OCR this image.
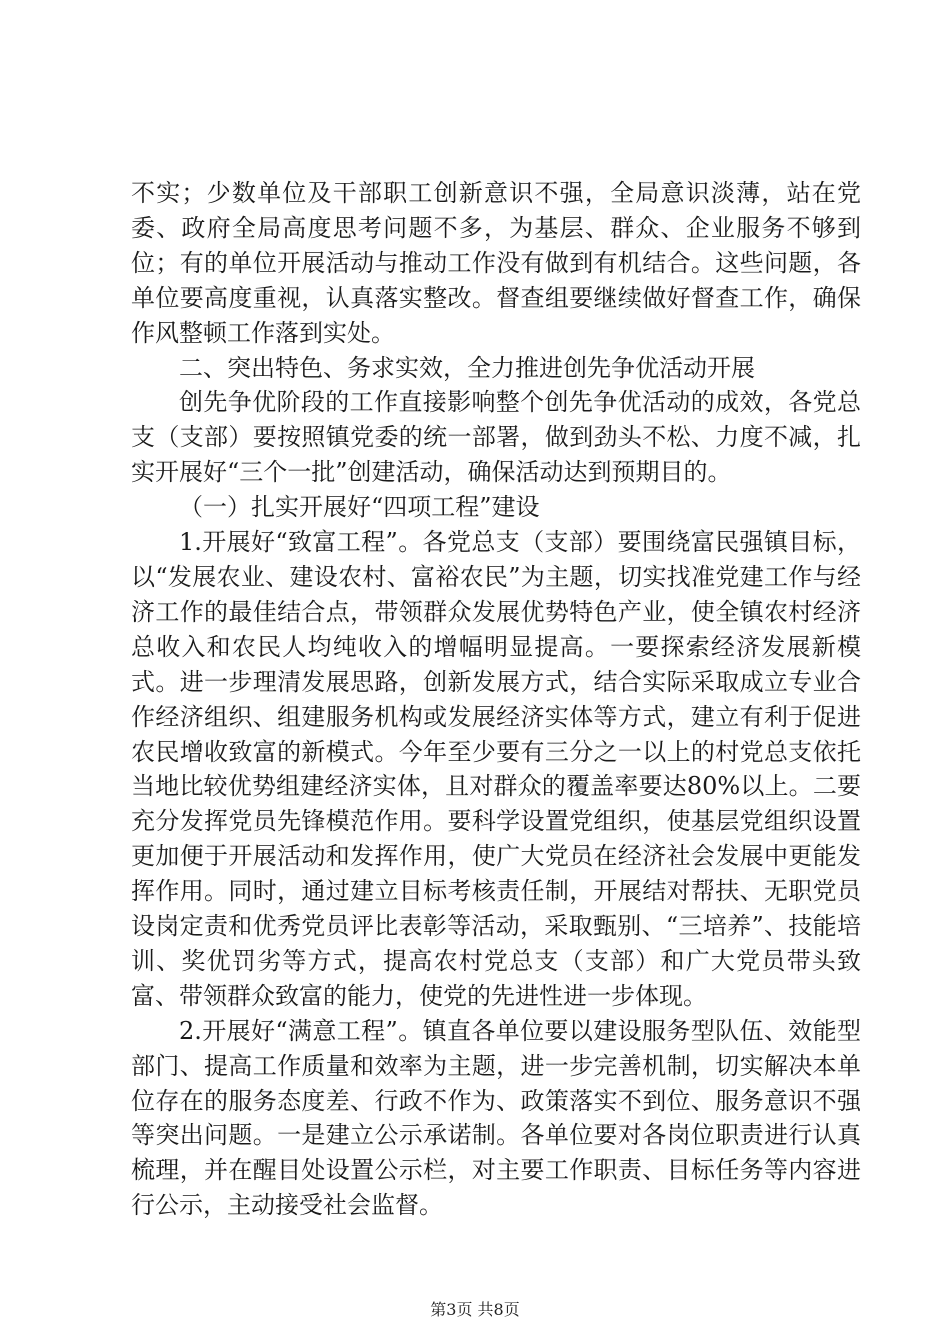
不实；少数单位及干部职工创新意识不强，全局意识淡薄，站在党委、政府全局高度思考问题不多，为基层、群众、企业服务不够到位；有的单位开展活动与推动工作没有做到有机结合。这些问题，各单位要高度重视，认真落实整改。督查组要继续做好督查工作，确保作风整顿工作落到实处。

二、突出特色、务求实效，全力推进创先争优活动开展

创先争优阶段的工作直接影响整个创先争优活动的成效，各党总支（支部）要按照镇党委的统一部署，做到劲头不松、力度不减，扎实开展好“三个一批”创建活动，确保活动达到预期目的。

（一）扎实开展好“四项工程”建设

1.开展好“致富工程”。各党总支（支部）要围绕富民强镇目标，以“发展农业、建设农村、富裕农民”为主题，切实找准党建工作与经济工作的最佳结合点，带领群众发展优势特色产业，使全镇农村经济总收入和农民人均纯收入的增幅明显提高。一要探索经济发展新模式。进一步理清发展思路，创新发展方式，结合实际采取成立专业合作经济组织、组建服务机构或发展经济实体等方式，建立有利于促进农民增收致富的新模式。今年至少要有三分之一以上的村党总支依托当地比较优势组建经济实体，且对群众的覆盖率要达80%以上。二要充分发挥党员先锋模范作用。要科学设置党组织，使基层党组织设置更加便于开展活动和发挥作用，使广大党员在经济社会发展中更能发挥作用。同时，通过建立目标考核责任制，开展结对帮扶、无职党员设岗定责和优秀党员评比表彰等活动，采取甄别、“三培养”、技能培训、奖优罚劣等方式，提高农村党总支（支部）和广大党员带头致富、带领群众致富的能力，使党的先进性进一步体现。

2.开展好“满意工程”。镇直各单位要以建设服务型队伍、效能型部门、提高工作质量和效率为主题，进一步完善机制，切实解决本单位存在的服务态度差、行政不作为、政策落实不到位、服务意识不强等突出问题。一是建立公示承诺制。各单位要对各岗位职责进行认真梳理，并在醒目处设置公示栏，对主要工作职责、目标任务等内容进行公示，主动接受社会监督。

第3页 共8页
